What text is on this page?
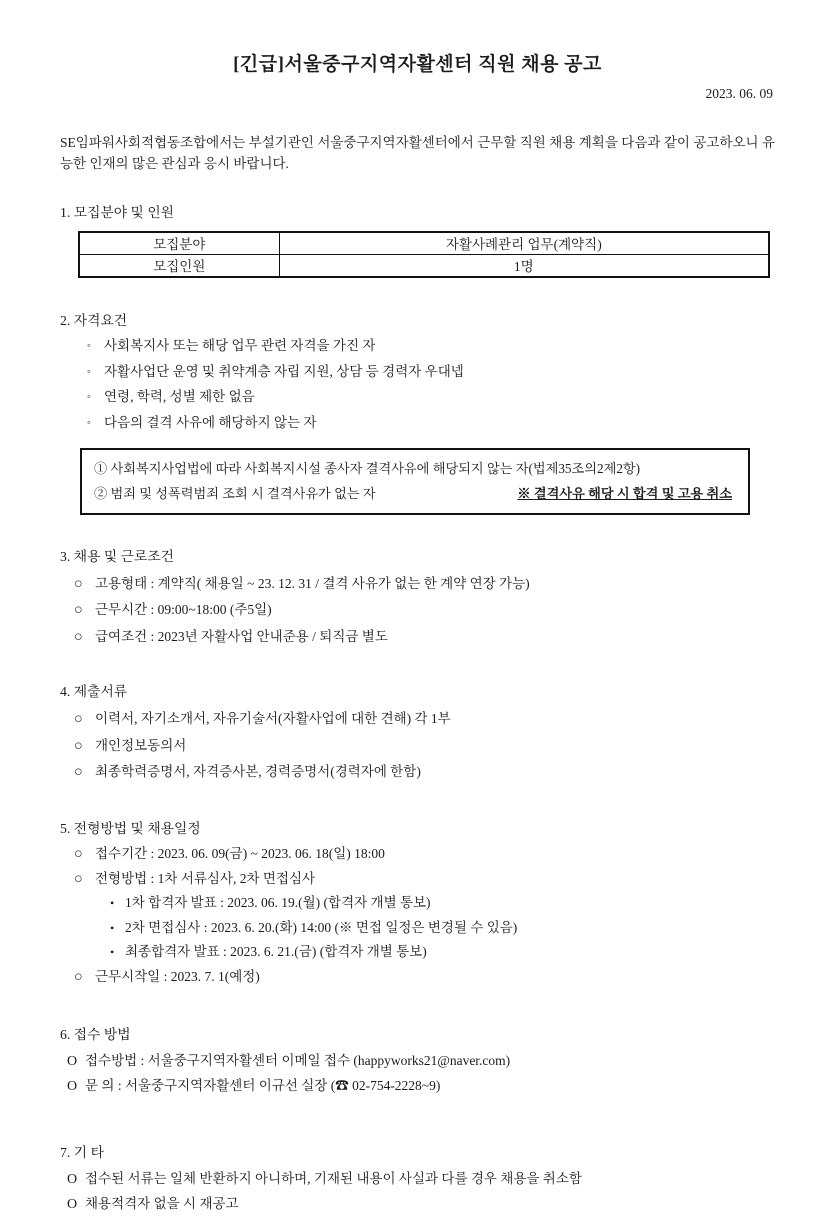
[긴급]서울중구지역자활센터 직원 채용 공고
2023. 06. 09
SE임파워사회적협동조합에서는 부설기관인 서울중구지역자활센터에서 근무할 직원 채용 계획을 다음과 같이 공고하오니 유능한 인재의 많은 관심과 응시 바랍니다.
1. 모집분야 및 인원
모집분야	자활사례관리 업무(계약직)
모집인원	1명
2. 자격요건
◦ 사회복지사 또는 해당 업무 관련 자격을 가진 자
◦ 자활사업단 운영 및 취약계층 자립 지원, 상담 등 경력자 우대넵
◦ 연령, 학력, 성별 제한 없음
◦ 다음의 결격 사유에 해당하지 않는 자
① 사회복지사업법에 따라 사회복지시설 종사자 결격사유에 해당되지 않는 자(법제35조의2제2항)
② 범죄 및 성폭력범죄 조회 시 결격사유가 없는 자	※ 결격사유 해당 시 합격 및 고용 취소
3. 채용 및 근로조건
○ 고용형태 : 계약직( 채용일 ~ 23. 12. 31 / 결격 사유가 없는 한 계약 연장 가능)
○ 근무시간 : 09:00~18:00 (주5일)
○ 급여조건 : 2023년 자활사업 안내준용 / 퇴직금 별도
4. 제출서류
○ 이력서, 자기소개서, 자유기술서(자활사업에 대한 견해) 각 1부
○ 개인정보동의서
○ 최종학력증명서, 자격증사본, 경력증명서(경력자에 한함)
5. 전형방법 및 채용일정
○ 접수기간 : 2023. 06. 09(금) ~ 2023. 06. 18(일) 18:00
○ 전형방법 : 1차 서류심사, 2차 면접심사
• 1차 합격자 발표 : 2023. 06. 19.(월) (합격자 개별 통보)
• 2차 면접심사 : 2023. 6. 20.(화) 14:00 (※ 면접 일정은 변경될 수 있음)
• 최종합격자 발표 : 2023. 6. 21.(금) (합격자 개별 통보)
○ 근무시작일 : 2023. 7. 1(예정)
6. 접수 방법
O 접수방법 : 서울중구지역자활센터 이메일 접수 (happyworks21@naver.com)
O 문 의 : 서울중구지역자활센터 이규선 실장 (☎ 02-754-2228~9)
7. 기 타
O 접수된 서류는 일체 반환하지 아니하며, 기재된 내용이 사실과 다를 경우 채용을 취소함
O 채용적격자 없을 시 재공고
